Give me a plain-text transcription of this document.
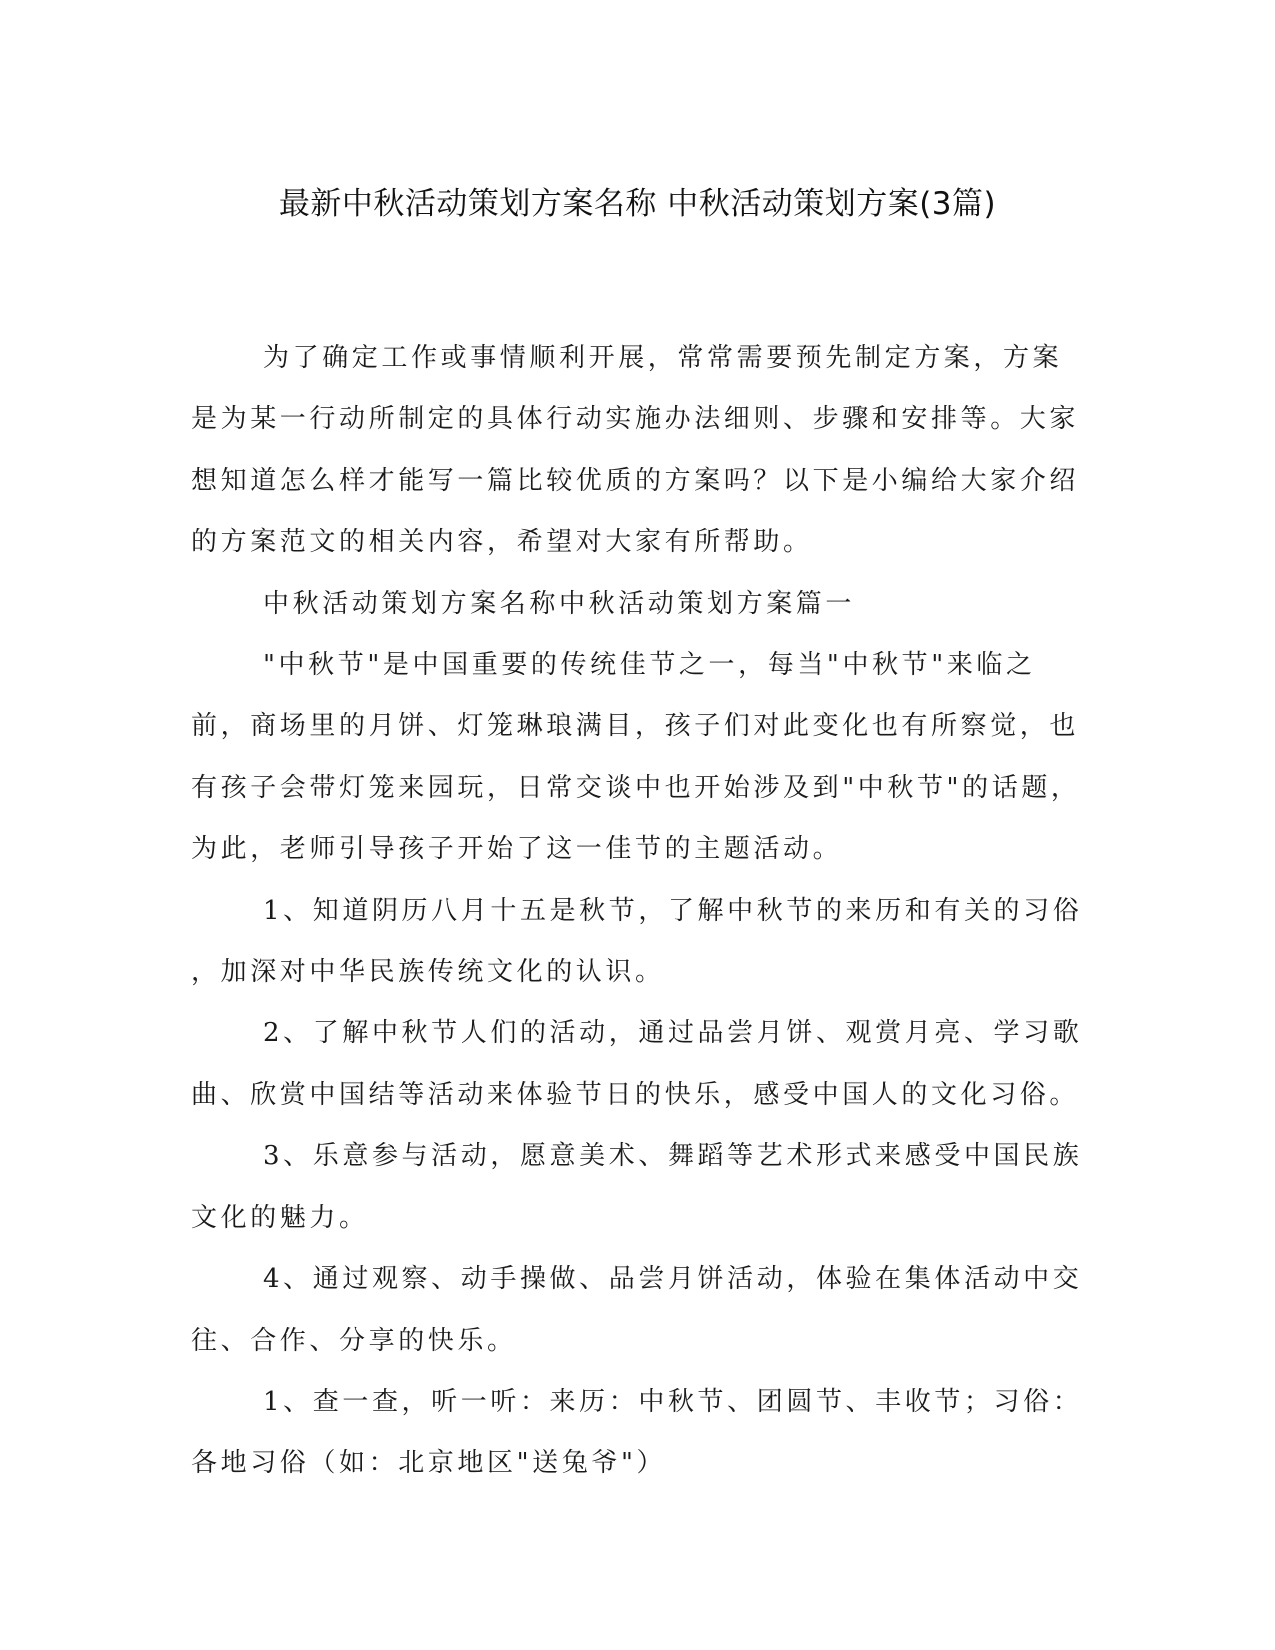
最新中秋活动策划方案名称 中秋活动策划方案(3篇)

为了确定工作或事情顺利开展，常常需要预先制定方案，方案是为某一行动所制定的具体行动实施办法细则、步骤和安排等。大家想知道怎么样才能写一篇比较优质的方案吗？以下是小编给大家介绍的方案范文的相关内容，希望对大家有所帮助。

中秋活动策划方案名称中秋活动策划方案篇一

"中秋节"是中国重要的传统佳节之一，每当"中秋节"来临之前，商场里的月饼、灯笼琳琅满目，孩子们对此变化也有所察觉，也有孩子会带灯笼来园玩，日常交谈中也开始涉及到"中秋节"的话题，为此，老师引导孩子开始了这一佳节的主题活动。

1、知道阴历八月十五是秋节，了解中秋节的来历和有关的习俗

，加深对中华民族传统文化的认识。

2、了解中秋节人们的活动，通过品尝月饼、观赏月亮、学习歌曲、欣赏中国结等活动来体验节日的快乐，感受中国人的文化习俗。

3、乐意参与活动，愿意美术、舞蹈等艺术形式来感受中国民族文化的魅力。

4、通过观察、动手操做、品尝月饼活动，体验在集体活动中交往、合作、分享的快乐。

1、查一查，听一听：来历：中秋节、团圆节、丰收节；习俗：各地习俗（如：北京地区"送兔爷"）
